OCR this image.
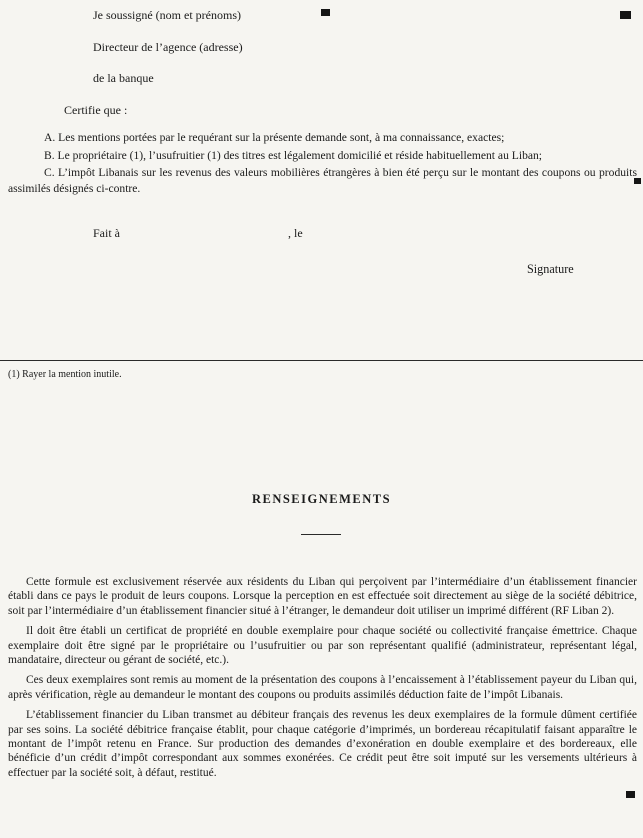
Je soussigné (nom et prénoms)
Directeur de l’agence (adresse)
de la banque
Certifie que :
A. Les mentions portées par le requérant sur la présente demande sont, à ma connaissance, exactes;
B. Le propriétaire (1), l’usufruitier (1) des titres est légalement domicilié et réside habituellement au Liban;
C. L’impôt Libanais sur les revenus des valeurs mobilières étrangères à bien été perçu sur le montant des coupons ou produits assimilés désignés ci-contre.
Fait à	, le
Signature
(1) Rayer la mention inutile.
RENSEIGNEMENTS

Cette formule est exclusivement réservée aux résidents du Liban qui perçoivent par l’intermédiaire d’un établissement financier établi dans ce pays le produit de leurs coupons. Lorsque la perception en est effectuée soit directement au siège de la société débitrice, soit par l’intermédiaire d’un établissement financier situé à l’étranger, le demandeur doit utiliser un imprimé différent (RF Liban 2).

Il doit être établi un certificat de propriété en double exemplaire pour chaque société ou collectivité française émettrice. Chaque exemplaire doit être signé par le propriétaire ou l’usufruitier ou par son représentant qualifié (administrateur, représentant légal, mandataire, directeur ou gérant de société, etc.).

Ces deux exemplaires sont remis au moment de la présentation des coupons à l’encaissement à l’établissement payeur du Liban qui, après vérification, règle au demandeur le montant des coupons ou produits assimilés déduction faite de l’impôt Libanais.

L’établissement financier du Liban transmet au débiteur français des revenus les deux exemplaires de la formule dûment certifiée par ses soins. La société débitrice française établit, pour chaque catégorie d’imprimés, un bordereau récapitulatif faisant apparaître le montant de l’impôt retenu en France. Sur production des demandes d’exonération en double exemplaire et des bordereaux, elle bénéficie d’un crédit d’impôt correspondant aux sommes exonérées. Ce crédit peut être soit imputé sur les versements ultérieurs à effectuer par la société soit, à défaut, restitué.
